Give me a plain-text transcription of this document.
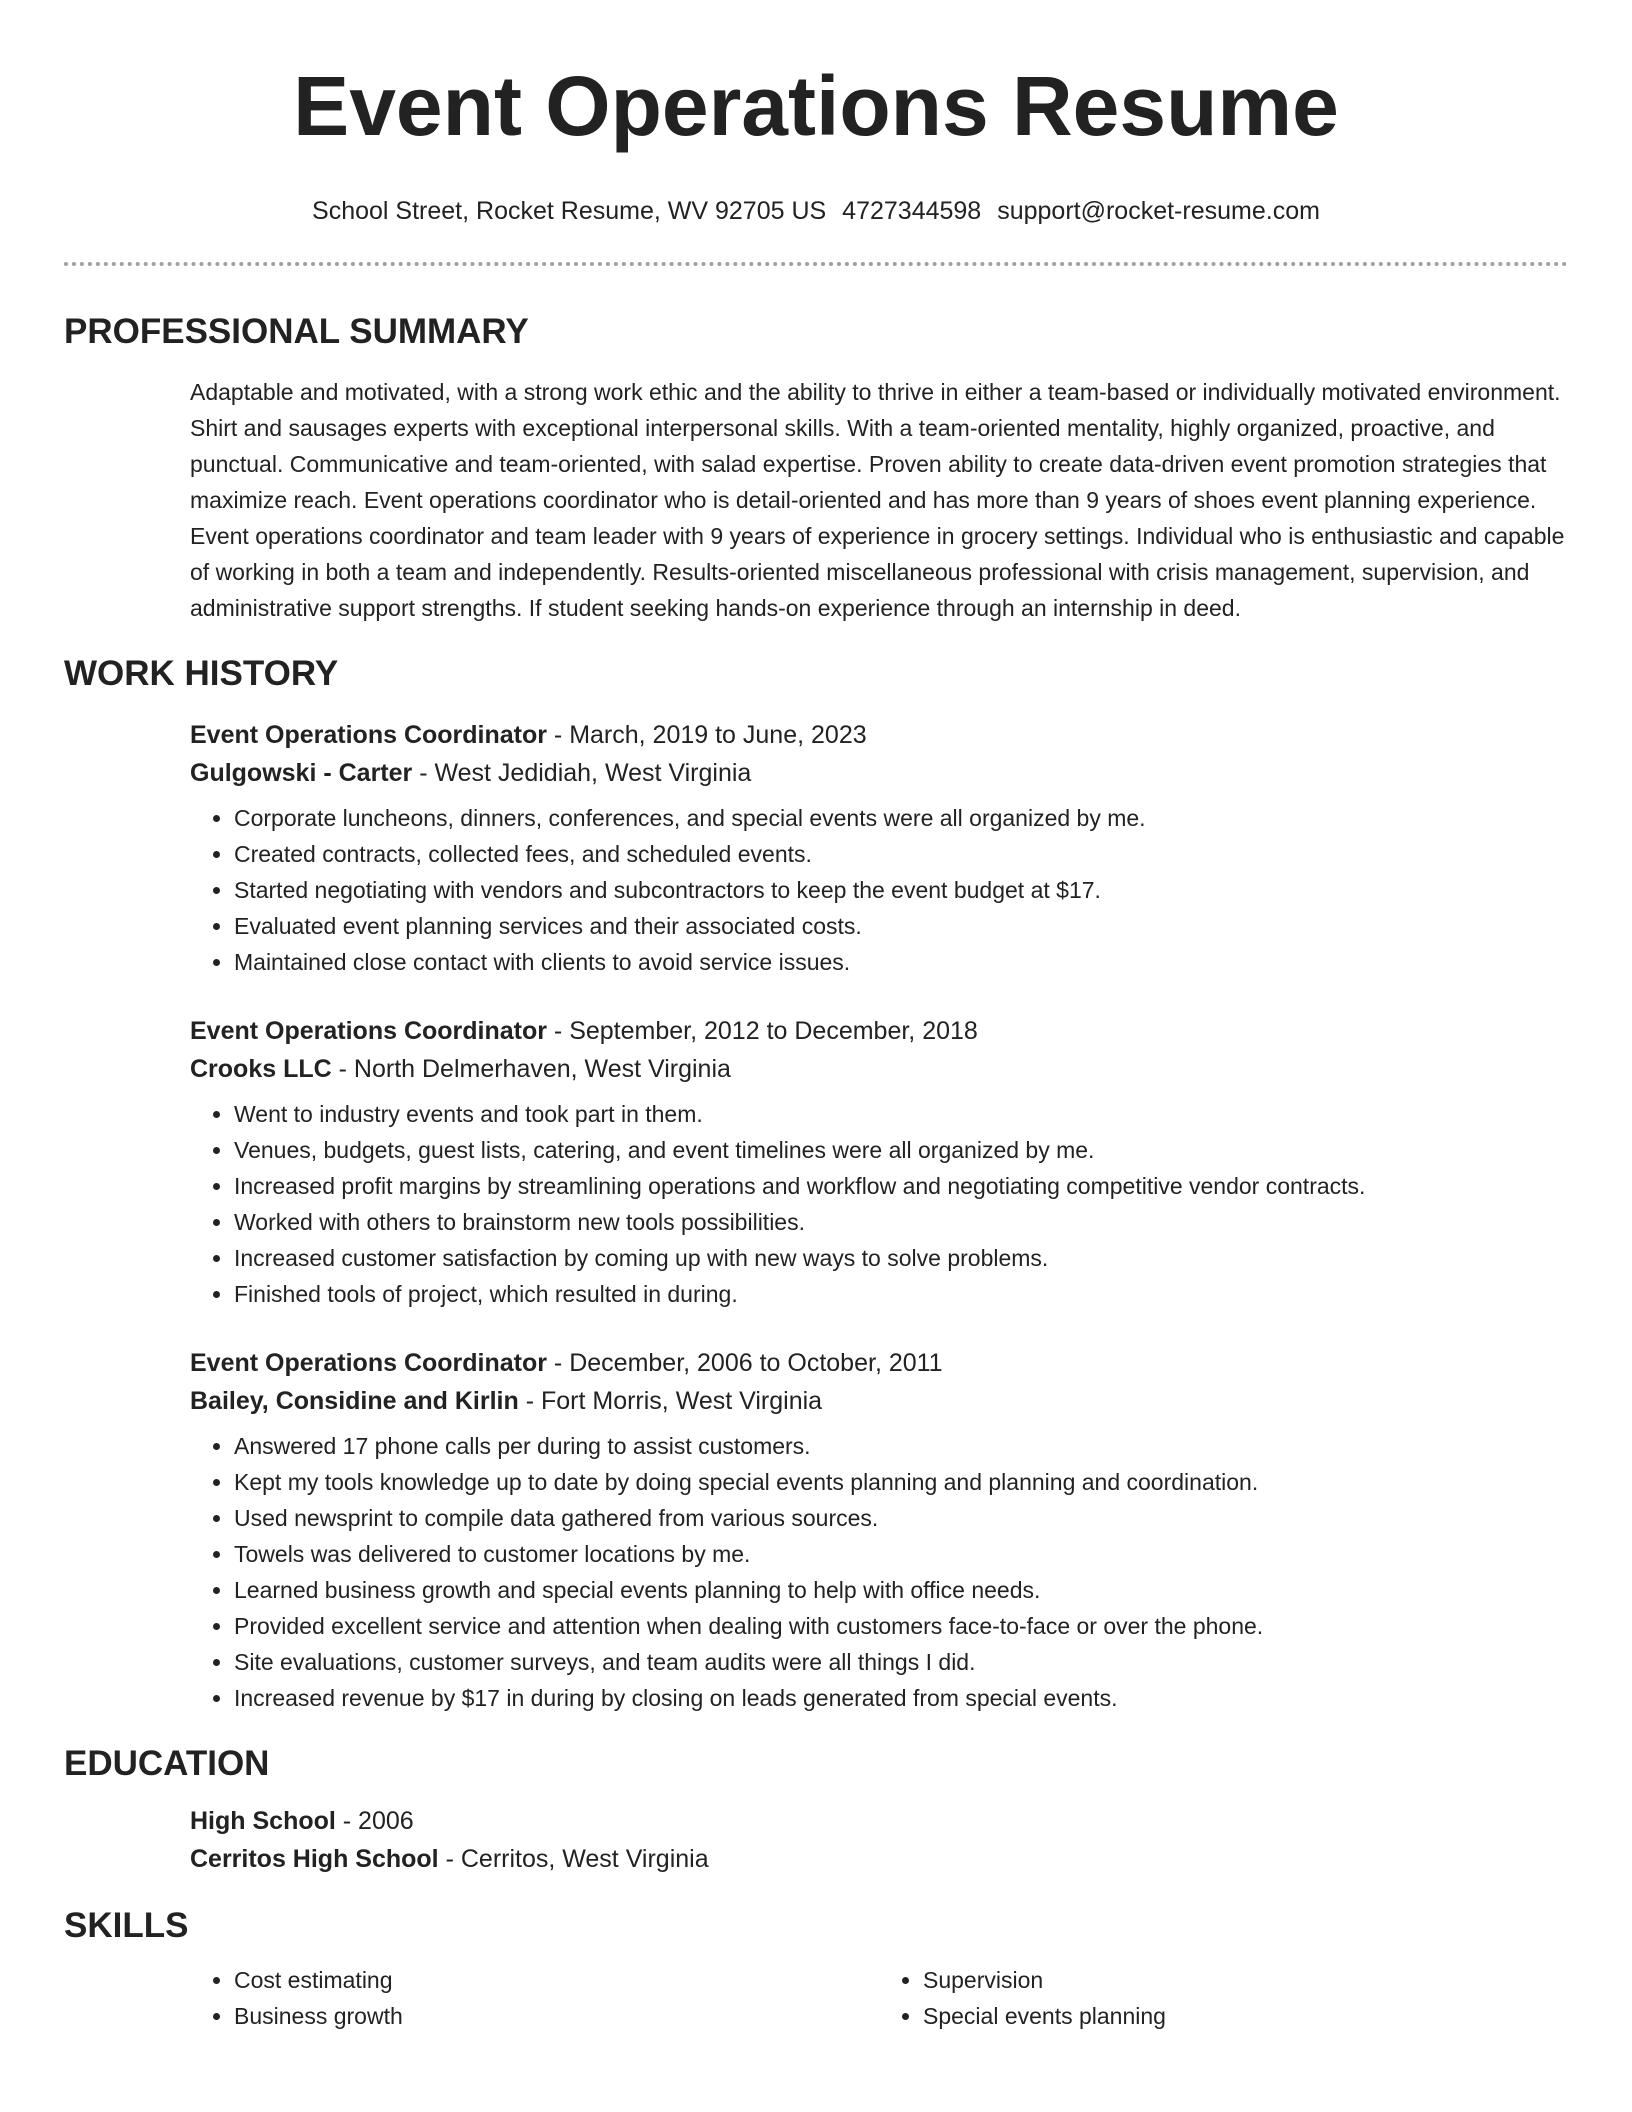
Event Operations Resume
School Street, Rocket Resume, WV 92705 US 4727344598 support@rocket-resume.com
PROFESSIONAL SUMMARY

Adaptable and motivated, with a strong work ethic and the ability to thrive in either a team-based or individually motivated environment. Shirt and sausages experts with exceptional interpersonal skills. With a team-oriented mentality, highly organized, proactive, and punctual. Communicative and team-oriented, with salad expertise. Proven ability to create data-driven event promotion strategies that maximize reach. Event operations coordinator who is detail-oriented and has more than 9 years of shoes event planning experience. Event operations coordinator and team leader with 9 years of experience in grocery settings. Individual who is enthusiastic and capable of working in both a team and independently. Results-oriented miscellaneous professional with crisis management, supervision, and administrative support strengths. If student seeking hands-on experience through an internship in deed.

WORK HISTORY
Event Operations Coordinator - March, 2019 to June, 2023
Gulgowski - Carter - West Jedidiah, West Virginia
• Corporate luncheons, dinners, conferences, and special events were all organized by me.
• Created contracts, collected fees, and scheduled events.
• Started negotiating with vendors and subcontractors to keep the event budget at $17.
• Evaluated event planning services and their associated costs.
• Maintained close contact with clients to avoid service issues.
Event Operations Coordinator - September, 2012 to December, 2018
Crooks LLC - North Delmerhaven, West Virginia
• Went to industry events and took part in them.
• Venues, budgets, guest lists, catering, and event timelines were all organized by me.
• Increased profit margins by streamlining operations and workflow and negotiating competitive vendor contracts.
• Worked with others to brainstorm new tools possibilities.
• Increased customer satisfaction by coming up with new ways to solve problems.
• Finished tools of project, which resulted in during.
Event Operations Coordinator - December, 2006 to October, 2011
Bailey, Considine and Kirlin - Fort Morris, West Virginia
• Answered 17 phone calls per during to assist customers.
• Kept my tools knowledge up to date by doing special events planning and planning and coordination.
• Used newsprint to compile data gathered from various sources.
• Towels was delivered to customer locations by me.
• Learned business growth and special events planning to help with office needs.
• Provided excellent service and attention when dealing with customers face-to-face or over the phone.
• Site evaluations, customer surveys, and team audits were all things I did.
• Increased revenue by $17 in during by closing on leads generated from special events.
EDUCATION
High School - 2006
Cerritos High School - Cerritos, West Virginia
SKILLS
• Cost estimating
• Business growth
• Supervision
• Special events planning
